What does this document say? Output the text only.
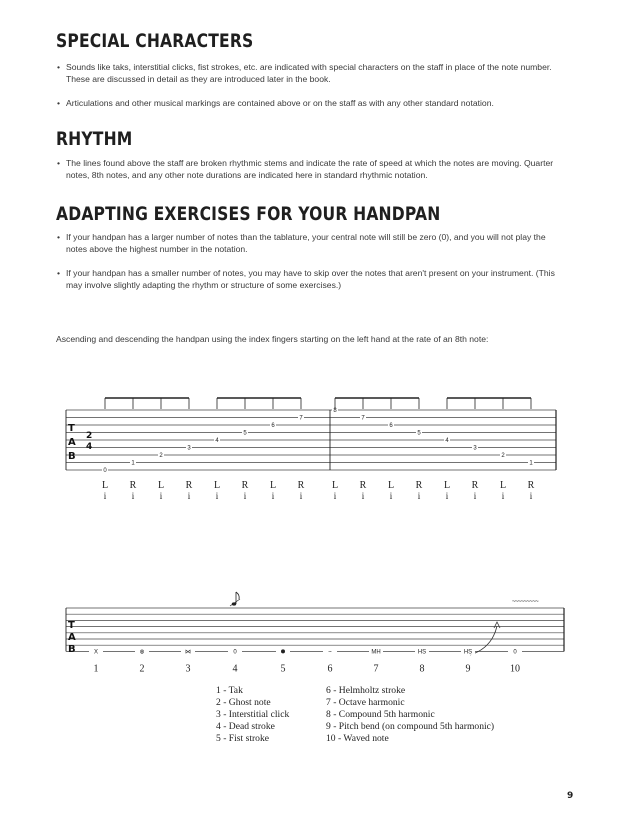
SPECIAL CHARACTERS

• Sounds like taks, interstitial clicks, fist strokes, etc. are indicated with special characters on the staff in place of the note number. These are discussed in detail as they are introduced later in the book.

• Articulations and other musical markings are contained above or on the staff as with any other standard notation.

RHYTHM

• The lines found above the staff are broken rhythmic stems and indicate the rate of speed at which the notes are moving. Quarter notes, 8th notes, and any other note durations are indicated here in standard rhythmic notation.

ADAPTING EXERCISES FOR YOUR HANDPAN

• If your handpan has a larger number of notes than the tablature, your central note will still be zero (0), and you will not play the notes above the highest number in the notation.

• If your handpan has a smaller number of notes, you may have to skip over the notes that aren't present on your instrument. (This may involve slightly adapting the rhythm or structure of some exercises.)

Ascending and descending the handpan using the index fingers starting on the left hand at the rate of an 8th note:

T
A
B
2
4
0
L
i
1
R
i
2
L
i
3
R
i
4
L
i
5
R
i
6
L
i
7
R
i
8
L
i
7
R
i
6
L
i
5
R
i
4
L
i
3
R
i
2
L
i
1
R
i
T
A
B
~~~~~~~~~
X
1
⊗
2
⋈
3
0
4	5
~
6
MH
7
HS
8
HS
9
0
10
1 - Tak
2 - Ghost note
3 - Interstitial click
4 - Dead stroke
5 - Fist stroke
6 - Helmholtz stroke
7 - Octave harmonic
8 - Compound 5th harmonic
9 - Pitch bend (on compound 5th harmonic)
10 - Waved note
9
